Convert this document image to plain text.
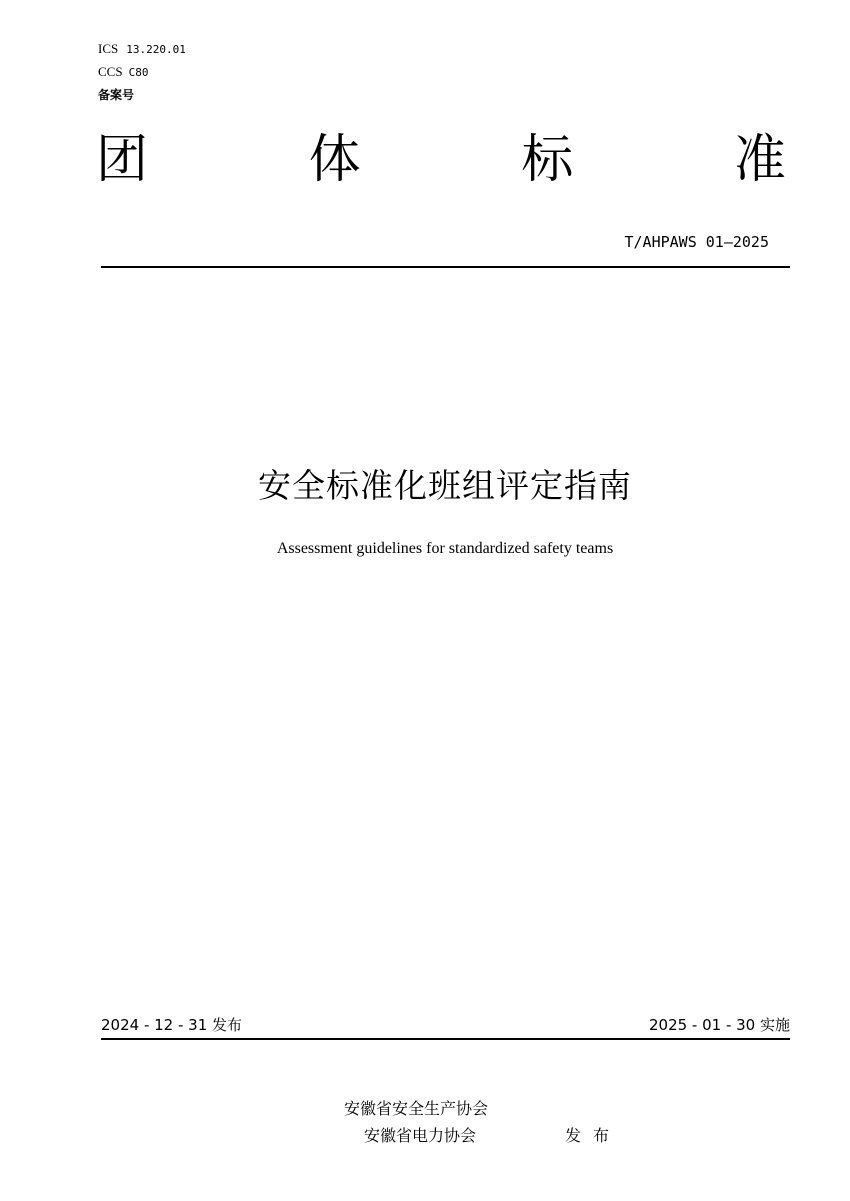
ICS 13.220.01
CCS C80
备案号
团	体	标	准
T/AHPAWS 01—2025
安全标准化班组评定指南
Assessment guidelines for standardized safety teams
2024 - 12 - 31 发布	2025 - 01 - 30 实施
安徽省安全生产协会
安徽省电力协会	发布
